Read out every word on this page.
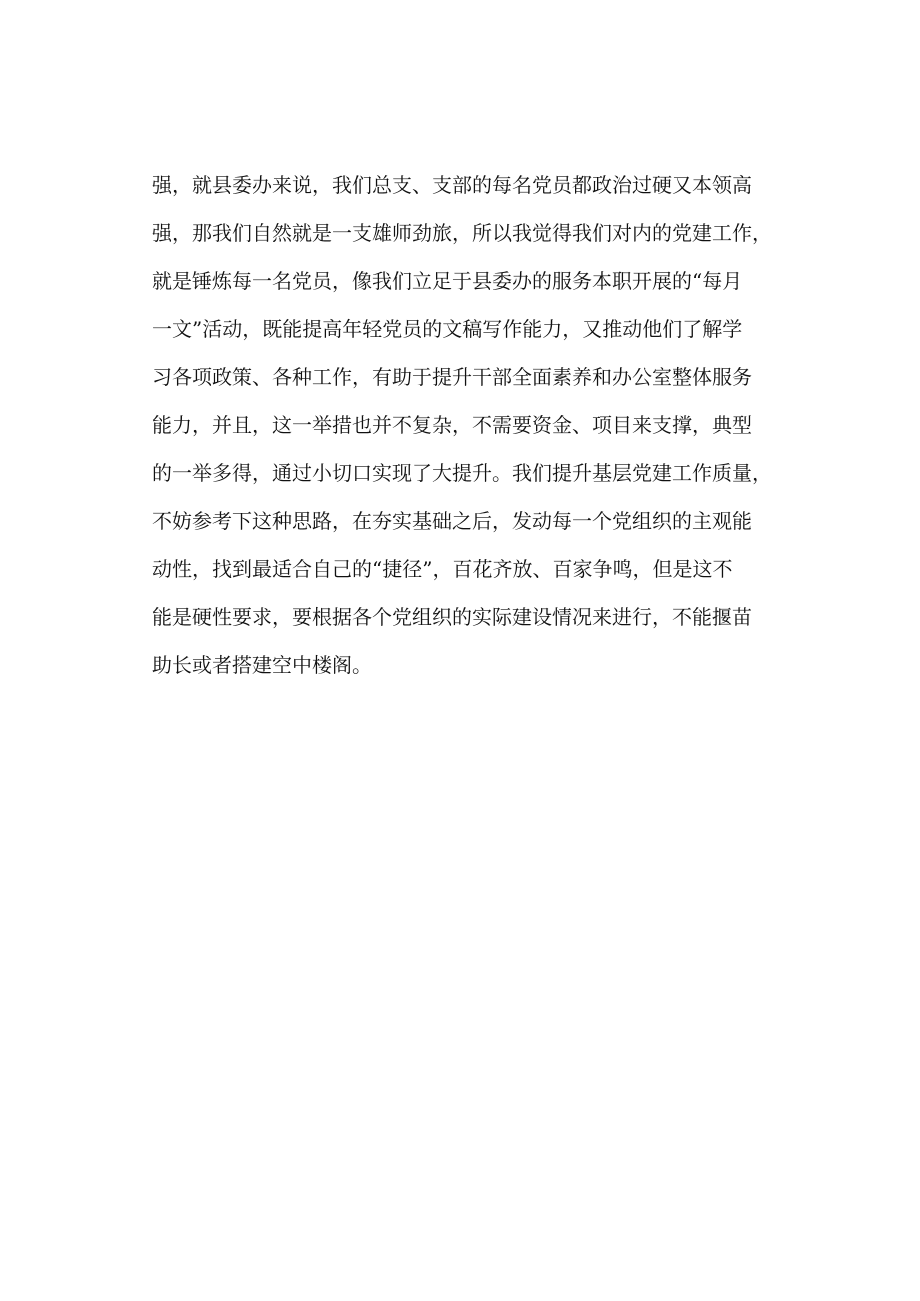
强，就县委办来说，我们总支、支部的每名党员都政治过硬又本领高
强，那我们自然就是一支雄师劲旅，所以我觉得我们对内的党建工作，
就是锤炼每一名党员，像我们立足于县委办的服务本职开展的“每月
一文”活动，既能提高年轻党员的文稿写作能力，又推动他们了解学
习各项政策、各种工作，有助于提升干部全面素养和办公室整体服务
能力，并且，这一举措也并不复杂，不需要资金、项目来支撑，典型
的一举多得，通过小切口实现了大提升。我们提升基层党建工作质量，
不妨参考下这种思路，在夯实基础之后，发动每一个党组织的主观能
动性，找到最适合自己的“捷径”，百花齐放、百家争鸣，但是这不
能是硬性要求，要根据各个党组织的实际建设情况来进行，不能揠苗
助长或者搭建空中楼阁。
